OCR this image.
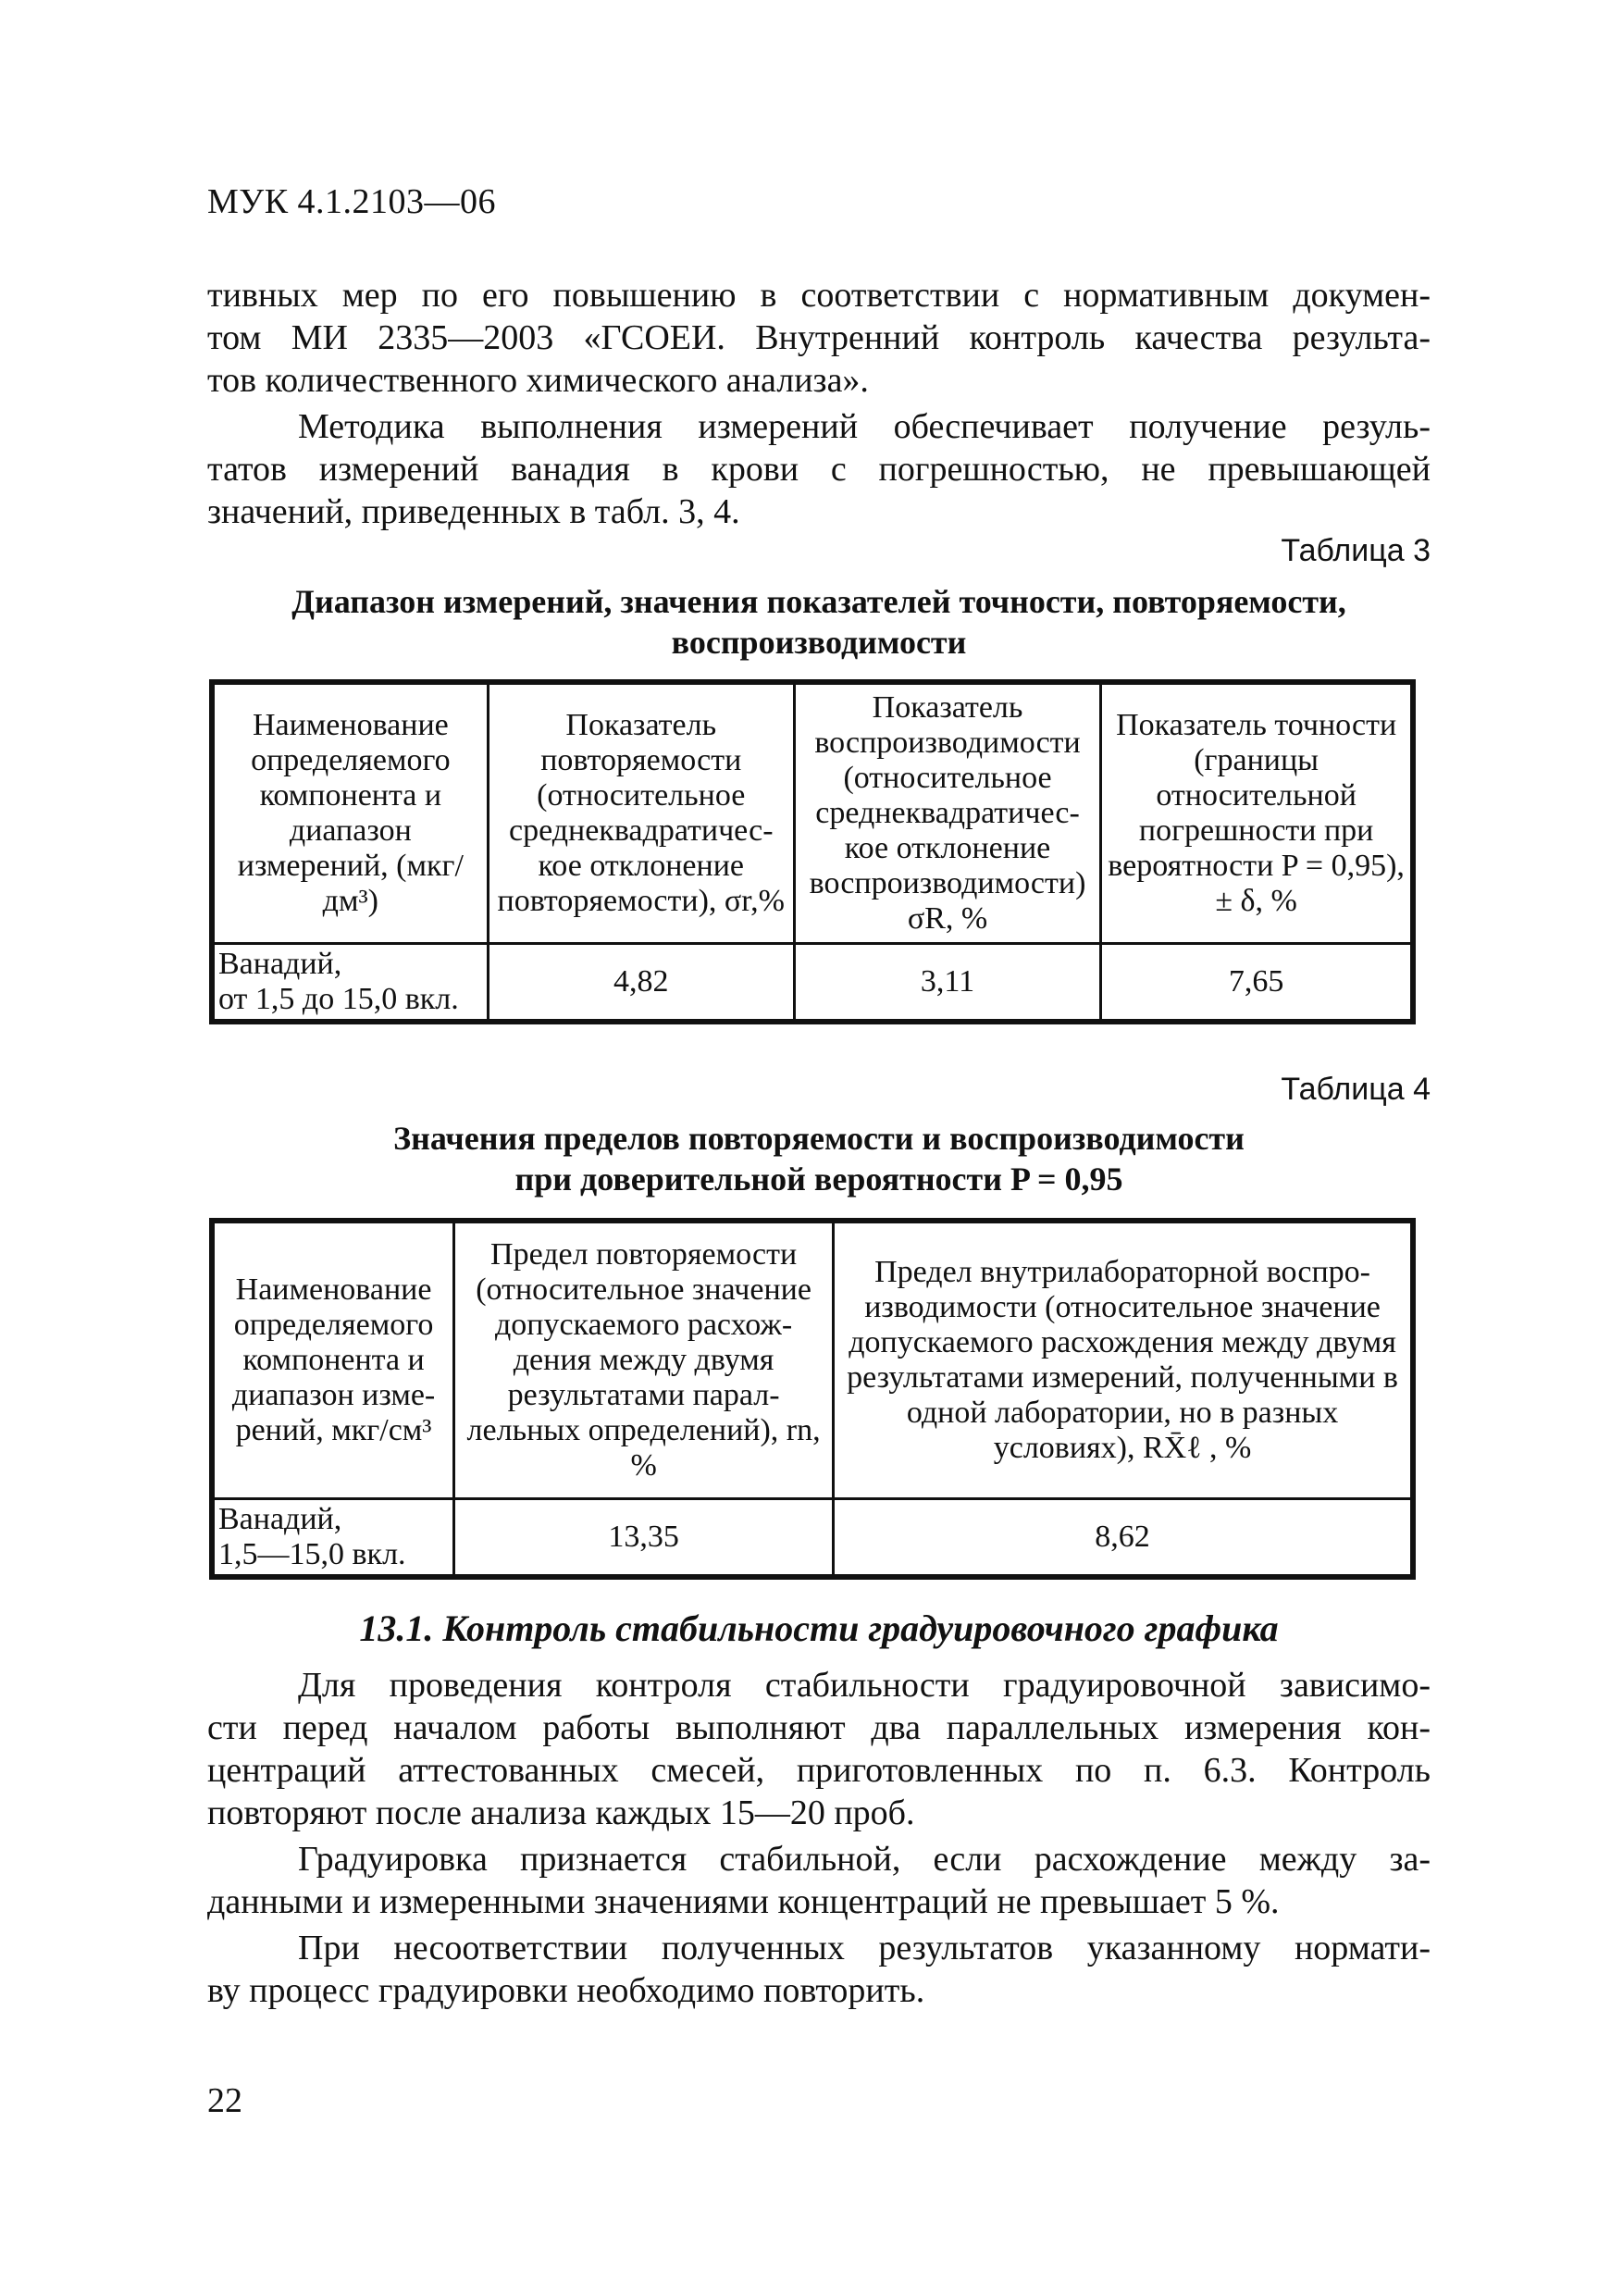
МУК 4.1.2103—06
тивных мер по его повышению в соответствии с нормативным докумен-
том МИ 2335—2003 «ГСОЕИ. Внутренний контроль качества результа-
тов количественного химического анализа».
Методика выполнения измерений обеспечивает получение резуль-
татов измерений ванадия в крови с погрешностью, не превышающей
значений, приведенных в табл. 3, 4.
Таблица 3
Диапазон измерений, значения показателей точности, повторяемости,
воспроизводимости
Наименование определяемого компонента и диапазон измерений, (мкг/дм³)	Показатель повторяемости (относительное среднеквадратичес-кое отклонение повторяемости), σr,%	Показатель воспроизводимости (относительное среднеквадратичес-кое отклонение воспроизводимости) σR, %	Показатель точности (границы относительной погрешности при вероятности P = 0,95), ± δ, %

Ванадий,
от 1,5 до 15,0 вкл.	4,82	3,11	7,65
Таблица 4
Значения пределов повторяемости и воспроизводимости
при доверительной вероятности P = 0,95
Наименование определяемого компонента и диапазон изме-рений, мкг/см³	Предел повторяемости (относительное значение допускаемого расхож-дения между двумя результатами парал-лельных определений), rn, %	Предел внутрилабораторной воспро-изводимости (относительное значение допускаемого расхождения между двумя результатами измерений, полученными в одной лаборатории, но в разных условиях), RX̄ℓ , %

Ванадий,
1,5—15,0 вкл.	13,35	8,62
13.1. Контроль стабильности градуировочного графика
Для проведения контроля стабильности градуировочной зависимо-
сти перед началом работы выполняют два параллельных измерения кон-
центраций аттестованных смесей, приготовленных по п. 6.3. Контроль
повторяют после анализа каждых 15—20 проб.
Градуировка признается стабильной, если расхождение между за-
данными и измеренными значениями концентраций не превышает 5 %.
При несоответствии полученных результатов указанному нормати-
ву процесс градуировки необходимо повторить.
22
